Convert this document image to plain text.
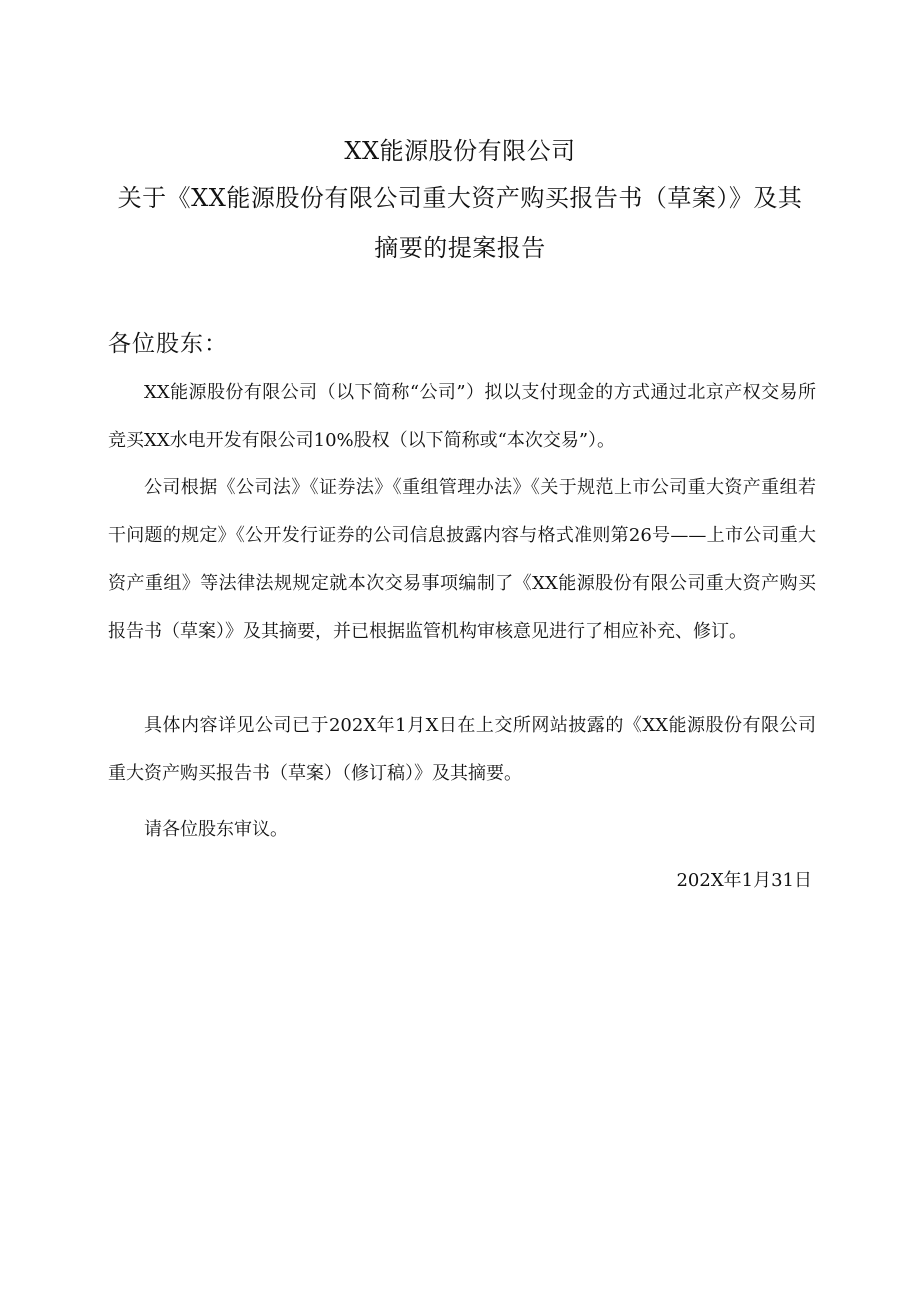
XX能源股份有限公司
关于《XX能源股份有限公司重大资产购买报告书（草案）》及其
摘要的提案报告
各位股东：
XX能源股份有限公司（以下简称“公司”）拟以支付现金的方式通过北京产权交易所竞买XX水电开发有限公司10%股权（以下简称或“本次交易”）。
公司根据《公司法》《证券法》《重组管理办法》《关于规范上市公司重大资产重组若干问题的规定》《公开发行证券的公司信息披露内容与格式准则第26号——上市公司重大资产重组》等法律法规规定就本次交易事项编制了《XX能源股份有限公司重大资产购买报告书（草案）》及其摘要，并已根据监管机构审核意见进行了相应补充、修订。
具体内容详见公司已于202X年1月X日在上交所网站披露的《XX能源股份有限公司重大资产购买报告书（草案）（修订稿）》及其摘要。
请各位股东审议。
202X年1月31日
